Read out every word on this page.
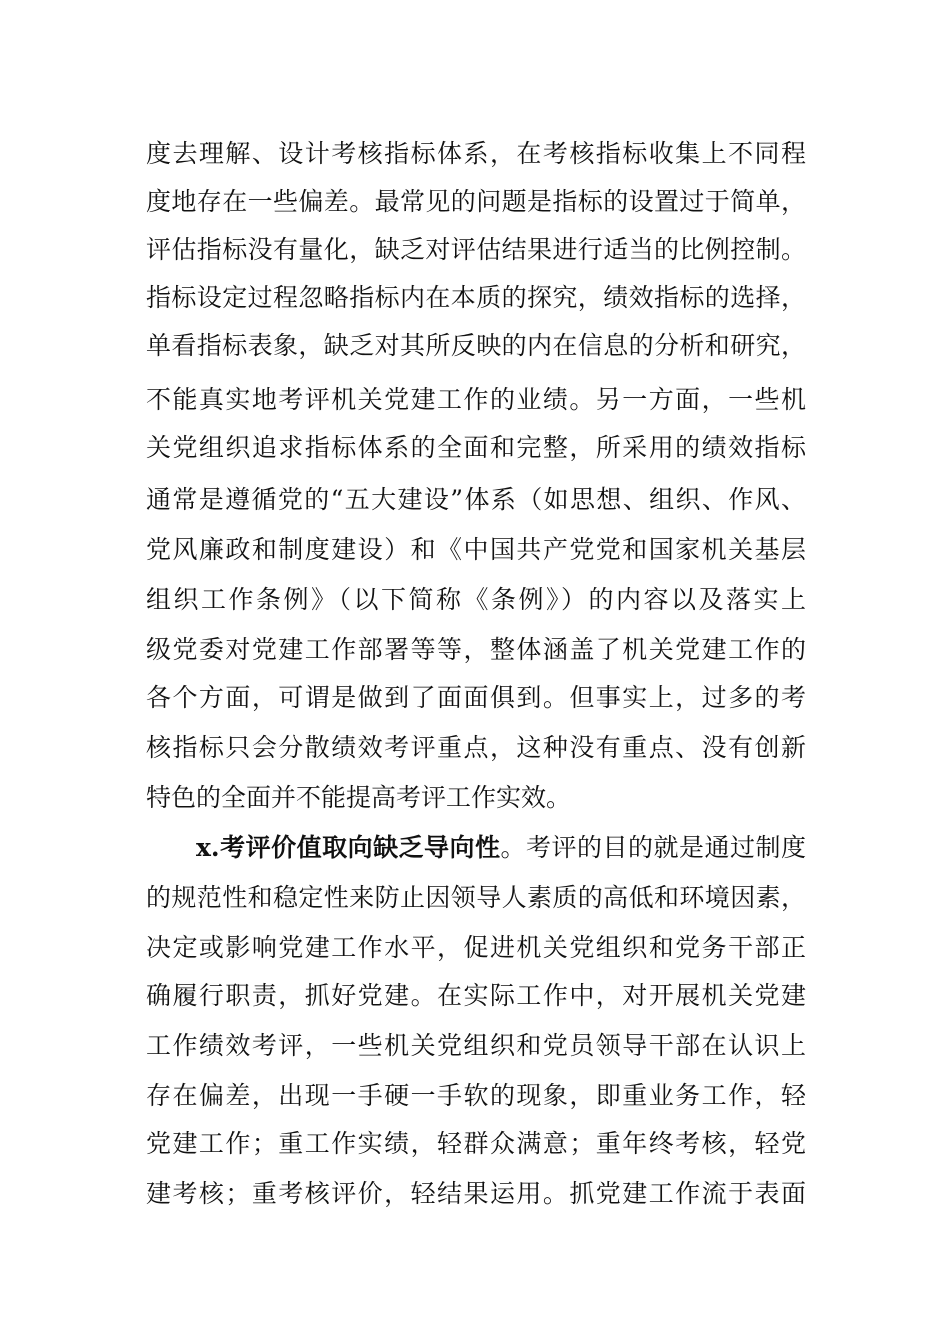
度去理解、设计考核指标体系，在考核指标收集上不同程
度地存在一些偏差。最常见的问题是指标的设置过于简单，
评估指标没有量化，缺乏对评估结果进行适当的比例控制。
指标设定过程忽略指标内在本质的探究，绩效指标的选择，
单看指标表象，缺乏对其所反映的内在信息的分析和研究，
不能真实地考评机关党建工作的业绩。另一方面，一些机
关党组织追求指标体系的全面和完整，所采用的绩效指标
通常是遵循党的“五大建设”体系（如思想、组织、作风、
党风廉政和制度建设）和《中国共产党党和国家机关基层
组织工作条例》（以下简称《条例》）的内容以及落实上
级党委对党建工作部署等等，整体涵盖了机关党建工作的
各个方面，可谓是做到了面面俱到。但事实上，过多的考
核指标只会分散绩效考评重点，这种没有重点、没有创新
特色的全面并不能提高考评工作实效。
x.考评价值取向缺乏导向性。考评的目的就是通过制度
的规范性和稳定性来防止因领导人素质的高低和环境因素，
决定或影响党建工作水平，促进机关党组织和党务干部正
确履行职责，抓好党建。在实际工作中，对开展机关党建
工作绩效考评，一些机关党组织和党员领导干部在认识上
存在偏差，出现一手硬一手软的现象，即重业务工作，轻
党建工作；重工作实绩，轻群众满意；重年终考核，轻党
建考核；重考核评价，轻结果运用。抓党建工作流于表面
